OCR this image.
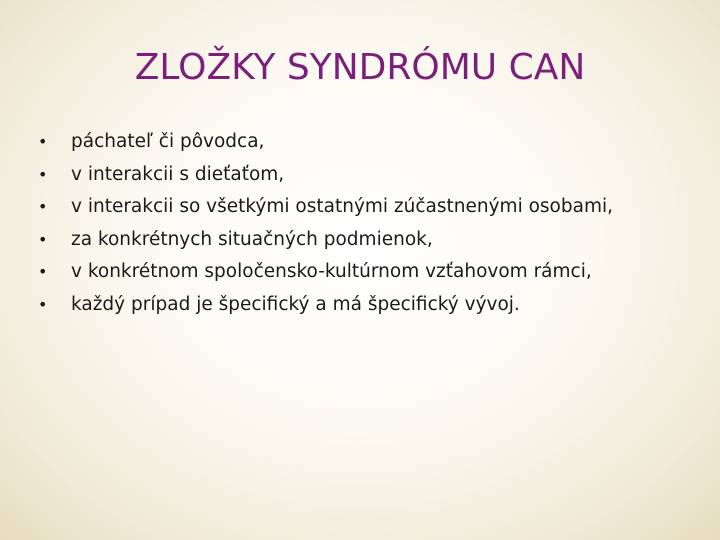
ZLOŽKY SYNDRÓMU CAN
• páchateľ či pôvodca,
• v interakcii s dieťaťom,
• v interakcii so všetkými ostatnými zúčastnenými osobami,
• za konkrétnych situačných podmienok,
• v konkrétnom spoločensko-kultúrnom vzťahovom rámci,
• každý prípad je špecifický a má špecifický vývoj.
